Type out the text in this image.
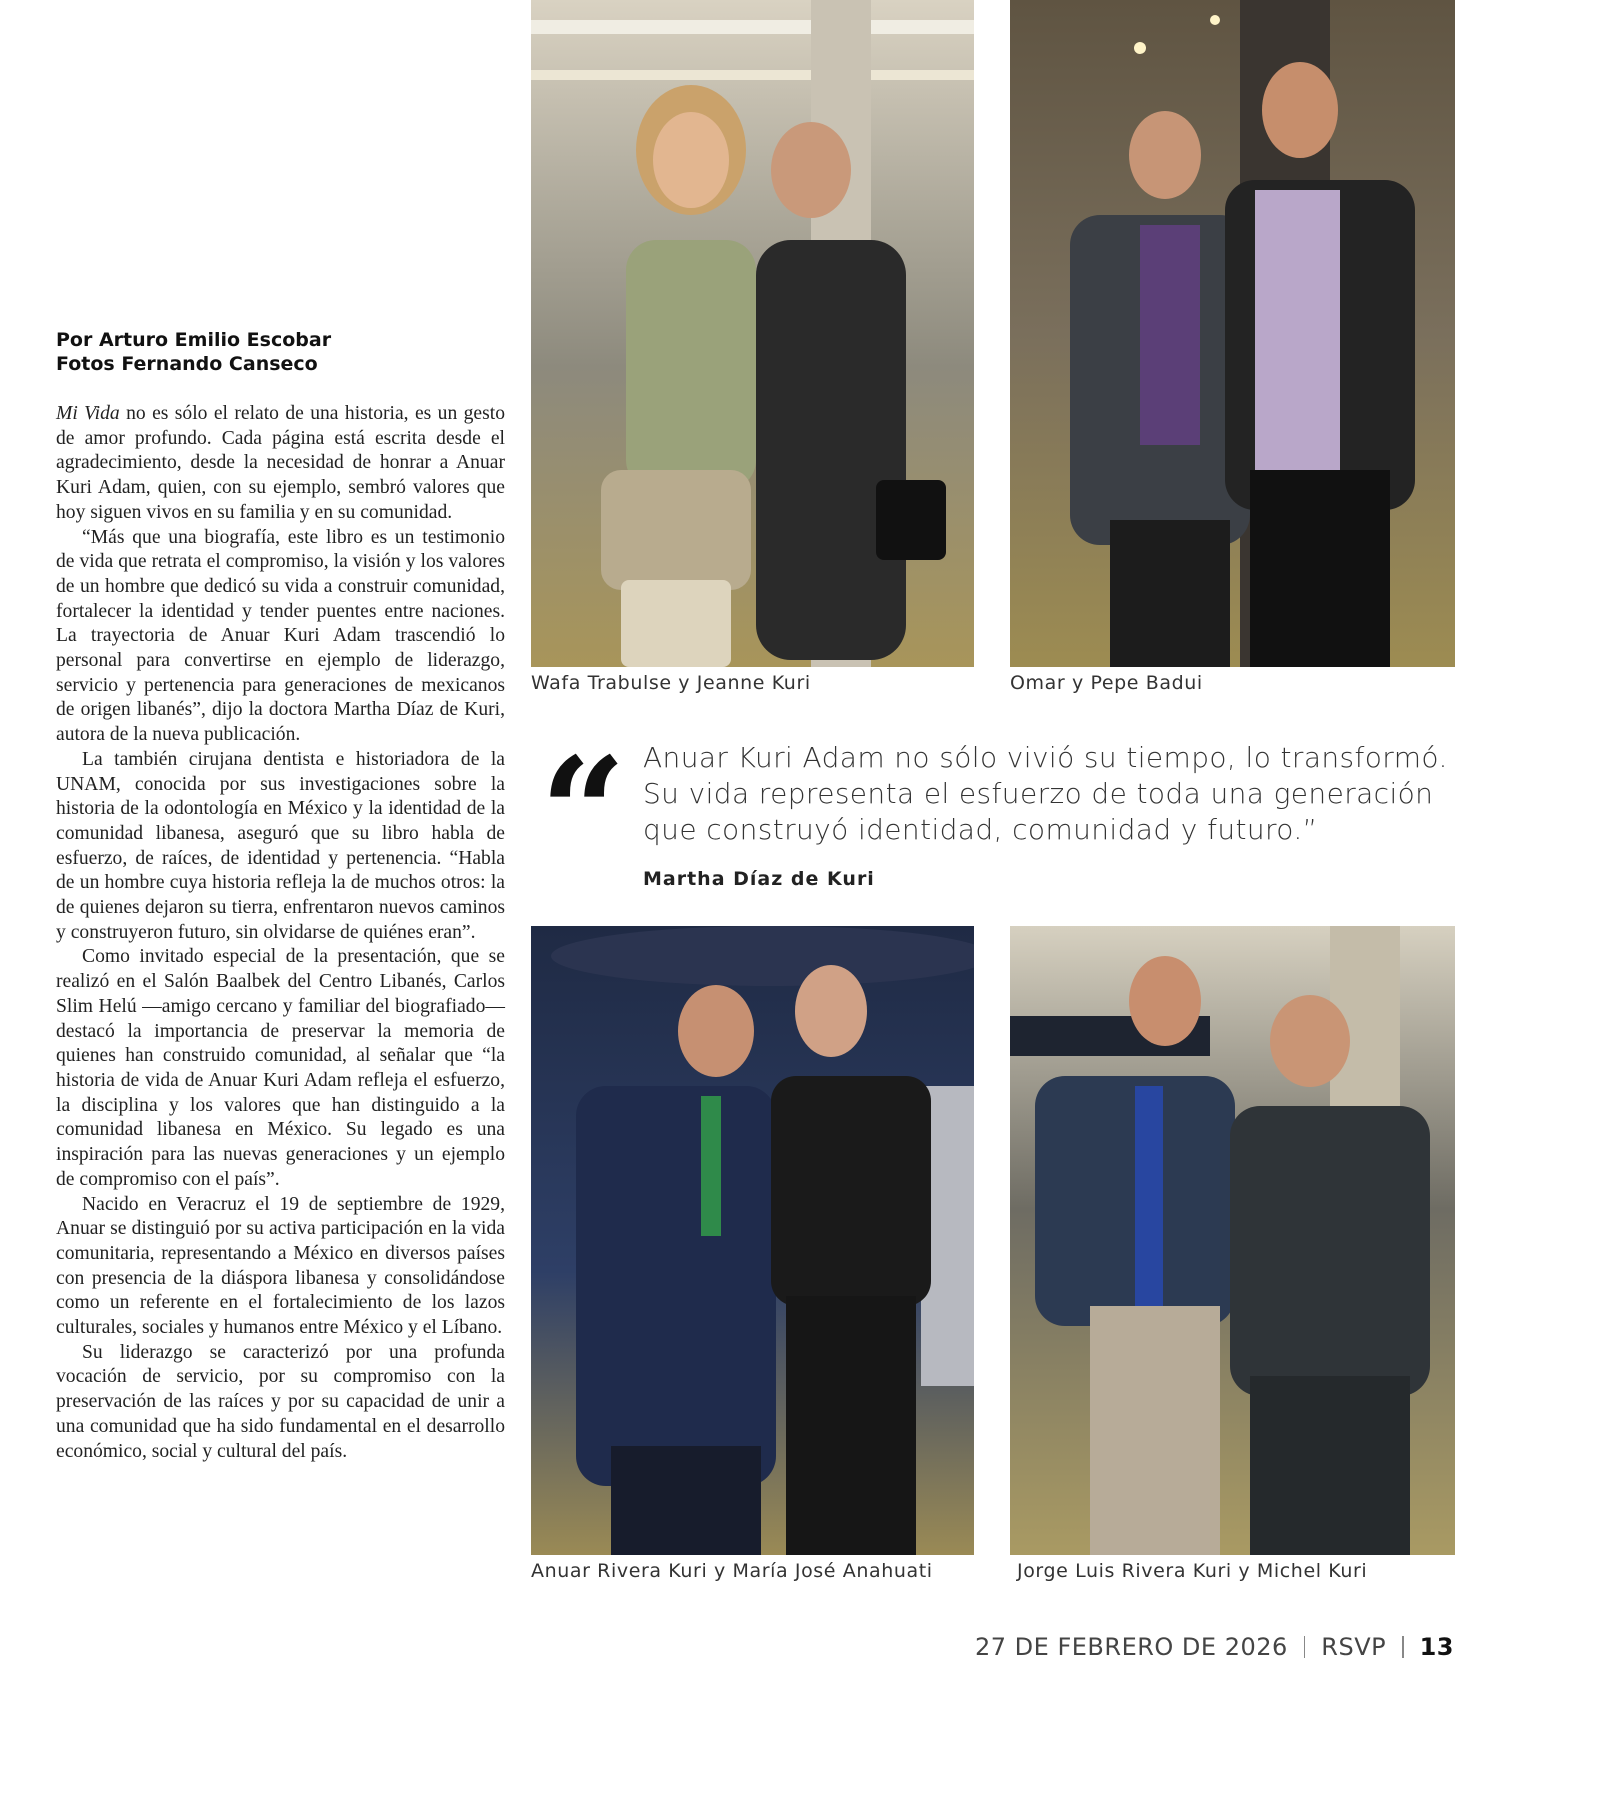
Por Arturo Emilio Escobar
Fotos Fernando Canseco

Mi Vida no es sólo el relato de una historia, es un gesto de amor profundo. Cada página está escrita desde el agradecimiento, desde la necesidad de honrar a Anuar Kuri Adam, quien, con su ejemplo, sembró valores que hoy siguen vivos en su familia y en su comunidad.

“Más que una biografía, este libro es un testimonio de vida que retrata el compromiso, la visión y los valores de un hombre que dedicó su vida a construir comunidad, fortalecer la identidad y tender puentes entre naciones. La trayectoria de Anuar Kuri Adam trascendió lo personal para convertirse en ejemplo de liderazgo, servicio y pertenencia para generaciones de mexicanos de origen libanés”, dijo la doctora Martha Díaz de Kuri, autora de la nueva publicación.

La también cirujana dentista e historiadora de la UNAM, conocida por sus investigaciones sobre la historia de la odontología en México y la identidad de la comunidad libanesa, aseguró que su libro habla de esfuerzo, de raíces, de identidad y pertenencia. “Habla de un hombre cuya historia refleja la de muchos otros: la de quienes dejaron su tierra, enfrentaron nuevos caminos y construyeron futuro, sin olvidarse de quiénes eran”.

Como invitado especial de la presentación, que se realizó en el Salón Baalbek del Centro Libanés, Carlos Slim Helú —amigo cercano y familiar del biografiado— destacó la importancia de preservar la memoria de quienes han construido comunidad, al señalar que “la historia de vida de Anuar Kuri Adam refleja el esfuerzo, la disciplina y los valores que han distinguido a la comunidad libanesa en México. Su legado es una inspiración para las nuevas generaciones y un ejemplo de compromiso con el país”.

Nacido en Veracruz el 19 de septiembre de 1929, Anuar se distinguió por su activa participación en la vida comunitaria, representando a México en diversos países con presencia de la diáspora libanesa y consolidándose como un referente en el fortalecimiento de los lazos culturales, sociales y humanos entre México y el Líbano.

Su liderazgo se caracterizó por una profunda vocación de servicio, por su compromiso con la preservación de las raíces y por su capacidad de unir a una comunidad que ha sido fundamental en el desarrollo económico, social y cultural del país.

Wafa Trabulse y Jeanne Kuri	Omar y Pepe Badui
“ Anuar Kuri Adam no sólo vivió su tiempo, lo transformó. Su vida representa el esfuerzo de toda una generación que construyó identidad, comunidad y futuro.”
Martha Díaz de Kuri
Anuar Rivera Kuri y María José Anahuati	Jorge Luis Rivera Kuri y Michel Kuri
27 DE FEBRERO DE 2026 RSVP 13
